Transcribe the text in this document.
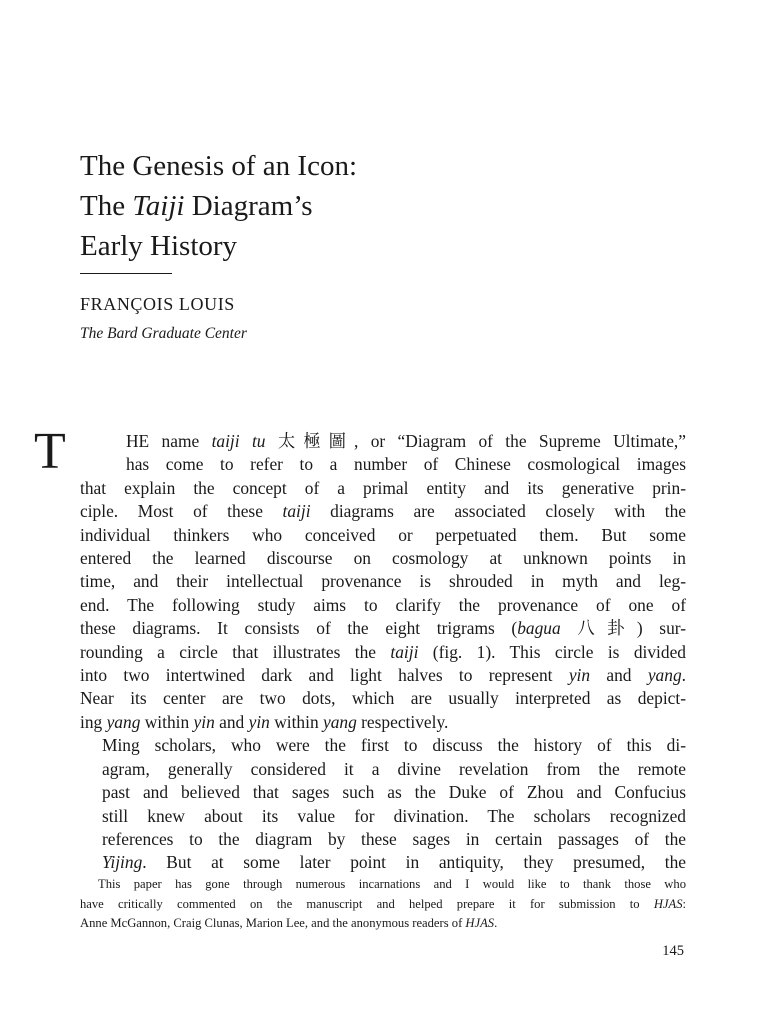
The Genesis of an Icon:
The Taiji Diagram’s
Early History
FRANÇOIS LOUIS
The Bard Graduate Center

T	HE name taiji tu 太極圖, or “Diagram of the Supreme Ultimate,”
has come to refer to a number of Chinese cosmological images
that explain the concept of a primal entity and its generative prin-
ciple. Most of these taiji diagrams are associated closely with the
individual thinkers who conceived or perpetuated them. But some
entered the learned discourse on cosmology at unknown points in
time, and their intellectual provenance is shrouded in myth and leg-
end. The following study aims to clarify the provenance of one of
these diagrams. It consists of the eight trigrams (bagua 八卦) sur-
rounding a circle that illustrates the taiji (fig. 1). This circle is divided
into two intertwined dark and light halves to represent yin and yang.
Near its center are two dots, which are usually interpreted as depict-
ing yang within yin and yin within yang respectively.

Ming scholars, who were the first to discuss the history of this di-
agram, generally considered it a divine revelation from the remote
past and believed that sages such as the Duke of Zhou and Confucius
still knew about its value for divination. The scholars recognized
references to the diagram by these sages in certain passages of the
Yijing. But at some later point in antiquity, they presumed, the

This paper has gone through numerous incarnations and I would like to thank those who
have critically commented on the manuscript and helped prepare it for submission to HJAS:
Anne McGannon, Craig Clunas, Marion Lee, and the anonymous readers of HJAS.
145
